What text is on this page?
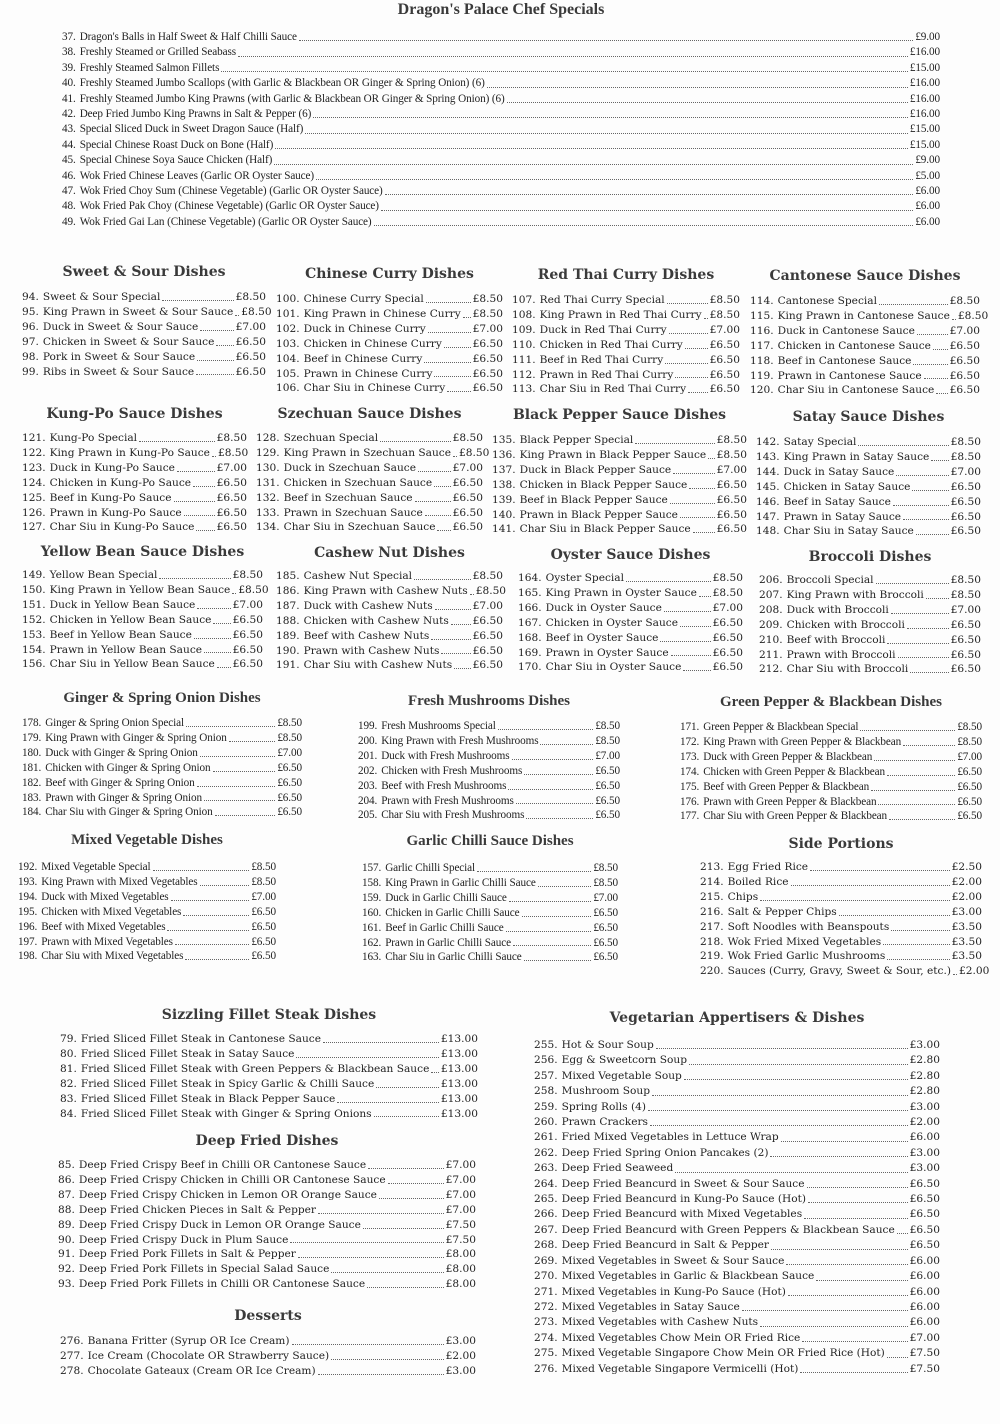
Dragon's Palace Chef Specials
37. Dragon's Balls in Half Sweet & Half Chilli Sauce	£9.00
38. Freshly Steamed or Grilled Seabass	£16.00
39. Freshly Steamed Salmon Fillets	£15.00
40. Freshly Steamed Jumbo Scallops (with Garlic & Blackbean OR Ginger & Spring Onion) (6)	£16.00
41. Freshly Steamed Jumbo King Prawns (with Garlic & Blackbean OR Ginger & Spring Onion) (6)	£16.00
42. Deep Fried Jumbo King Prawns in Salt & Pepper (6)	£16.00
43. Special Sliced Duck in Sweet Dragon Sauce (Half)	£15.00
44. Special Chinese Roast Duck on Bone (Half)	£15.00
45. Special Chinese Soya Sauce Chicken (Half)	£9.00
46. Wok Fried Chinese Leaves (Garlic OR Oyster Sauce)	£5.00
47. Wok Fried Choy Sum (Chinese Vegetable) (Garlic OR Oyster Sauce)	£6.00
48. Wok Fried Pak Choy (Chinese Vegetable) (Garlic OR Oyster Sauce)	£6.00
49. Wok Fried Gai Lan (Chinese Vegetable) (Garlic OR Oyster Sauce)	£6.00
Sweet & Sour Dishes
94. Sweet & Sour Special	£8.50
95. King Prawn in Sweet & Sour Sauce £8.50
96. Duck in Sweet & Sour Sauce	£7.00
97. Chicken in Sweet & Sour Sauce £6.50
98. Pork in Sweet & Sour Sauce	£6.50
99. Ribs in Sweet & Sour Sauce	£6.50
Chinese Curry Dishes
100. Chinese Curry Special	£8.50
101. King Prawn in Chinese Curry £8.50
102. Duck in Chinese Curry	£7.00
103. Chicken in Chinese Curry	£6.50
104. Beef in Chinese Curry	£6.50
105. Prawn in Chinese Curry	£6.50
106. Char Siu in Chinese Curry	£6.50
Red Thai Curry Dishes
107. Red Thai Curry Special	£8.50
108. King Prawn in Red Thai Curry £8.50
109. Duck in Red Thai Curry	£7.00
110. Chicken in Red Thai Curry	£6.50
111. Beef in Red Thai Curry	£6.50
112. Prawn in Red Thai Curry	£6.50
113. Char Siu in Red Thai Curry £6.50
Cantonese Sauce Dishes
114. Cantonese Special	£8.50
115. King Prawn in Cantonese Sauce £8.50
116. Duck in Cantonese Sauce	£7.00
117. Chicken in Cantonese Sauce £6.50
118. Beef in Cantonese Sauce	£6.50
119. Prawn in Cantonese Sauce	£6.50
120. Char Siu in Cantonese Sauce £6.50
Kung-Po Sauce Dishes
121. Kung-Po Special	£8.50
122. King Prawn in Kung-Po Sauce £8.50
123. Duck in Kung-Po Sauce	£7.00
124. Chicken in Kung-Po Sauce £6.50
125. Beef in Kung-Po Sauce	£6.50
126. Prawn in Kung-Po Sauce	£6.50
127. Char Siu in Kung-Po Sauce £6.50
Szechuan Sauce Dishes
128. Szechuan Special	£8.50
129. King Prawn in Szechuan Sauce £8.50
130. Duck in Szechuan Sauce	£7.00
131. Chicken in Szechuan Sauce £6.50
132. Beef in Szechuan Sauce	£6.50
133. Prawn in Szechuan Sauce	£6.50
134. Char Siu in Szechuan Sauce £6.50
Black Pepper Sauce Dishes
135. Black Pepper Special	£8.50
136. King Prawn in Black Pepper Sauce £8.50
137. Duck in Black Pepper Sauce	£7.00
138. Chicken in Black Pepper Sauce	£6.50
139. Beef in Black Pepper Sauce	£6.50
140. Prawn in Black Pepper Sauce	£6.50
141. Char Siu in Black Pepper Sauce £6.50
Satay Sauce Dishes
142. Satay Special	£8.50
143. King Prawn in Satay Sauce £8.50
144. Duck in Satay Sauce	£7.00
145. Chicken in Satay Sauce	£6.50
146. Beef in Satay Sauce	£6.50
147. Prawn in Satay Sauce	£6.50
148. Char Siu in Satay Sauce	£6.50
Yellow Bean Sauce Dishes
149. Yellow Bean Special	£8.50
150. King Prawn in Yellow Bean Sauce £8.50
151. Duck in Yellow Bean Sauce	£7.00
152. Chicken in Yellow Bean Sauce £6.50
153. Beef in Yellow Bean Sauce	£6.50
154. Prawn in Yellow Bean Sauce	£6.50
156. Char Siu in Yellow Bean Sauce £6.50
Cashew Nut Dishes
185. Cashew Nut Special	£8.50
186. King Prawn with Cashew Nuts £8.50
187. Duck with Cashew Nuts	£7.00
188. Chicken with Cashew Nuts £6.50
189. Beef with Cashew Nuts	£6.50
190. Prawn with Cashew Nuts	£6.50
191. Char Siu with Cashew Nuts £6.50
Oyster Sauce Dishes
164. Oyster Special	£8.50
165. King Prawn in Oyster Sauce £8.50
166. Duck in Oyster Sauce	£7.00
167. Chicken in Oyster Sauce	£6.50
168. Beef in Oyster Sauce	£6.50
169. Prawn in Oyster Sauce	£6.50
170. Char Siu in Oyster Sauce	£6.50
Broccoli Dishes
206. Broccoli Special	£8.50
207. King Prawn with Broccoli	£8.50
208. Duck with Broccoli	£7.00
209. Chicken with Broccoli	£6.50
210. Beef with Broccoli	£6.50
211. Prawn with Broccoli	£6.50
212. Char Siu with Broccoli	£6.50
Ginger & Spring Onion Dishes
178. Ginger & Spring Onion Special	£8.50
179. King Prawn with Ginger & Spring Onion	£8.50
180. Duck with Ginger & Spring Onion	£7.00
181. Chicken with Ginger & Spring Onion	£6.50
182. Beef with Ginger & Spring Onion	£6.50
183. Prawn with Ginger & Spring Onion	£6.50
184. Char Siu with Ginger & Spring Onion	£6.50
Fresh Mushrooms Dishes
199. Fresh Mushrooms Special	£8.50
200. King Prawn with Fresh Mushrooms	£8.50
201. Duck with Fresh Mushrooms	£7.00
202. Chicken with Fresh Mushrooms	£6.50
203. Beef with Fresh Mushrooms	£6.50
204. Prawn with Fresh Mushrooms	£6.50
205. Char Siu with Fresh Mushrooms	£6.50
Green Pepper & Blackbean Dishes
171. Green Pepper & Blackbean Special	£8.50
172. King Prawn with Green Pepper & Blackbean	£8.50
173. Duck with Green Pepper & Blackbean	£7.00
174. Chicken with Green Pepper & Blackbean	£6.50
175. Beef with Green Pepper & Blackbean	£6.50
176. Prawn with Green Pepper & Blackbean	£6.50
177. Char Siu with Green Pepper & Blackbean	£6.50
Mixed Vegetable Dishes
192. Mixed Vegetable Special	£8.50
193. King Prawn with Mixed Vegetables	£8.50
194. Duck with Mixed Vegetables	£7.00
195. Chicken with Mixed Vegetables	£6.50
196. Beef with Mixed Vegetables	£6.50
197. Prawn with Mixed Vegetables	£6.50
198. Char Siu with Mixed Vegetables	£6.50
Garlic Chilli Sauce Dishes
157. Garlic Chilli Special	£8.50
158. King Prawn in Garlic Chilli Sauce	£8.50
159. Duck in Garlic Chilli Sauce	£7.00
160. Chicken in Garlic Chilli Sauce	£6.50
161. Beef in Garlic Chilli Sauce	£6.50
162. Prawn in Garlic Chilli Sauce	£6.50
163. Char Siu in Garlic Chilli Sauce	£6.50
Side Portions
213. Egg Fried Rice	£2.50
214. Boiled Rice	£2.00
215. Chips	£2.00
216. Salt & Pepper Chips	£3.00
217. Soft Noodles with Beanspouts	£3.50
218. Wok Fried Mixed Vegetables	£3.50
219. Wok Fried Garlic Mushrooms	£3.50
220. Sauces (Curry, Gravy, Sweet & Sour, etc.) £2.00
Sizzling Fillet Steak Dishes
79. Fried Sliced Fillet Steak in Cantonese Sauce	£13.00
80. Fried Sliced Fillet Steak in Satay Sauce	£13.00
81. Fried Sliced Fillet Steak with Green Peppers & Blackbean Sauce £13.00
82. Fried Sliced Fillet Steak in Spicy Garlic & Chilli Sauce	£13.00
83. Fried Sliced Fillet Steak in Black Pepper Sauce	£13.00
84. Fried Sliced Fillet Steak with Ginger & Spring Onions	£13.00
Deep Fried Dishes
85. Deep Fried Crispy Beef in Chilli OR Cantonese Sauce	£7.00
86. Deep Fried Crispy Chicken in Chilli OR Cantonese Sauce	£7.00
87. Deep Fried Crispy Chicken in Lemon OR Orange Sauce	£7.00
88. Deep Fried Chicken Pieces in Salt & Pepper	£7.00
89. Deep Fried Crispy Duck in Lemon OR Orange Sauce	£7.50
90. Deep Fried Crispy Duck in Plum Sauce	£7.50
91. Deep Fried Pork Fillets in Salt & Pepper	£8.00
92. Deep Fried Pork Fillets in Special Salad Sauce	£8.00
93. Deep Fried Pork Fillets in Chilli OR Cantonese Sauce	£8.00
Desserts
276. Banana Fritter (Syrup OR Ice Cream)	£3.00
277. Ice Cream (Chocolate OR Strawberry Sauce)	£2.00
278. Chocolate Gateaux (Cream OR Ice Cream)	£3.00
Vegetarian Appertisers & Dishes
255. Hot & Sour Soup	£3.00
256. Egg & Sweetcorn Soup	£2.80
257. Mixed Vegetable Soup	£2.80
258. Mushroom Soup	£2.80
259. Spring Rolls (4)	£3.00
260. Prawn Crackers	£2.00
261. Fried Mixed Vegetables in Lettuce Wrap	£6.00
262. Deep Fried Spring Onion Pancakes (2)	£3.00
263. Deep Fried Seaweed	£3.00
264. Deep Fried Beancurd in Sweet & Sour Sauce	£6.50
265. Deep Fried Beancurd in Kung-Po Sauce (Hot)	£6.50
266. Deep Fried Beancurd with Mixed Vegetables	£6.50
267. Deep Fried Beancurd with Green Peppers & Blackbean Sauce £6.50
268. Deep Fried Beancurd in Salt & Pepper	£6.50
269. Mixed Vegetables in Sweet & Sour Sauce	£6.00
270. Mixed Vegetables in Garlic & Blackbean Sauce	£6.00
271. Mixed Vegetables in Kung-Po Sauce (Hot)	£6.00
272. Mixed Vegetables in Satay Sauce	£6.00
273. Mixed Vegetables with Cashew Nuts	£6.00
274. Mixed Vegetables Chow Mein OR Fried Rice	£7.00
275. Mixed Vegetable Singapore Chow Mein OR Fried Rice (Hot) £7.50
276. Mixed Vegetable Singapore Vermicelli (Hot)	£7.50
